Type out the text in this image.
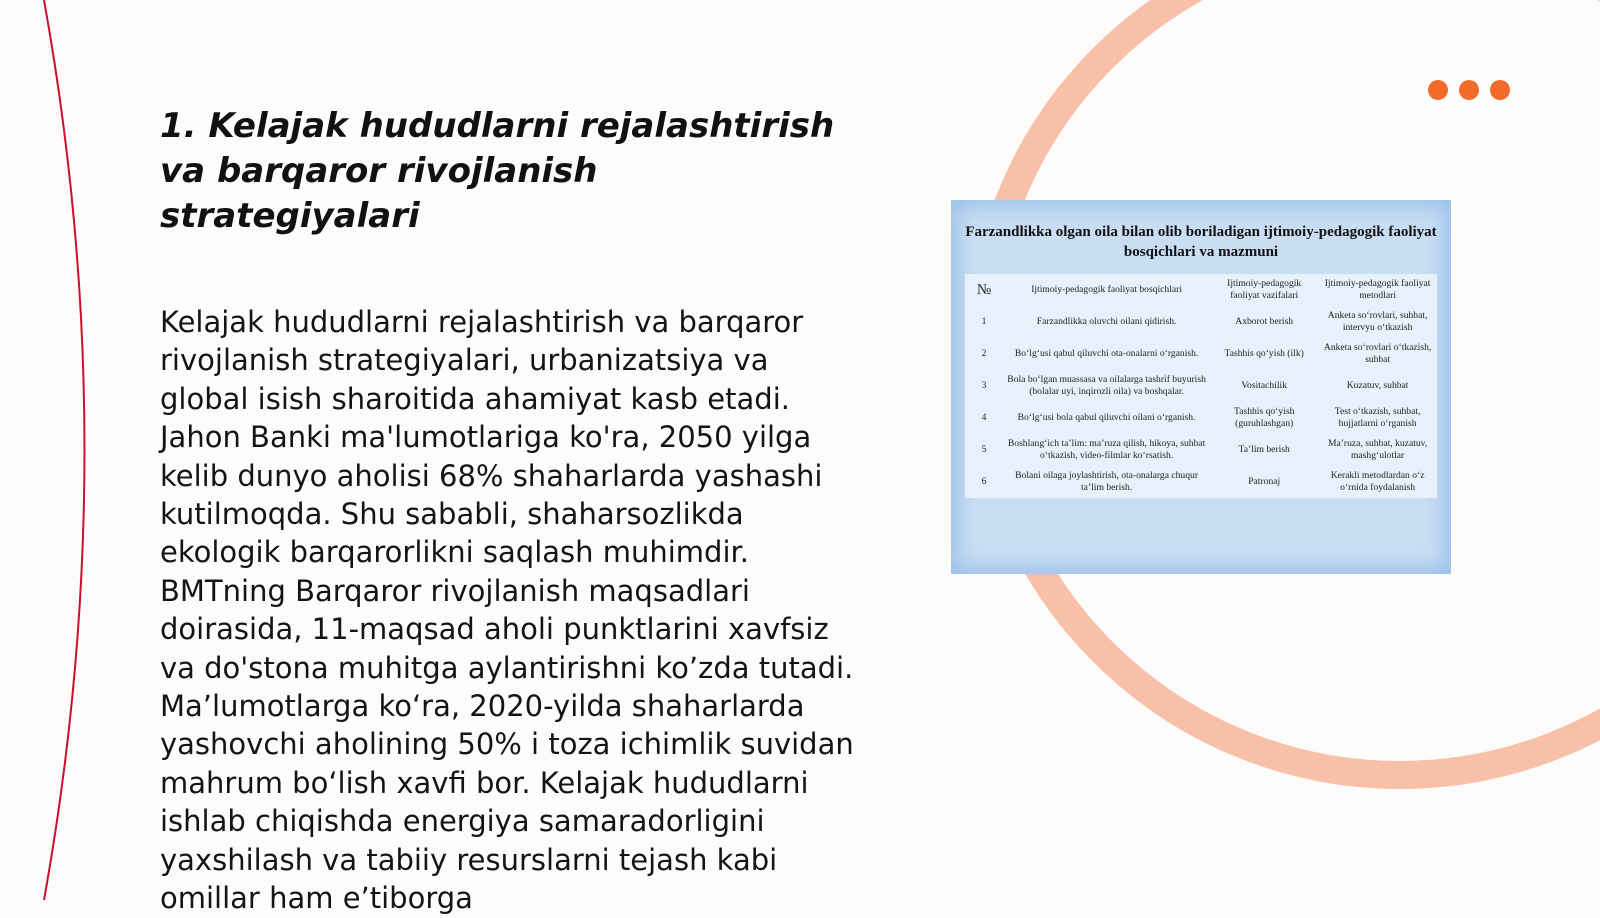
1. Kelajak hududlarni rejalashtirish va barqaror rivojlanish strategiyalari

Kelajak hududlarni rejalashtirish va barqaror rivojlanish strategiyalari, urbanizatsiya va global isish sharoitida ahamiyat kasb etadi. Jahon Banki ma'lumotlariga ko'ra, 2050 yilga kelib dunyo aholisi 68% shaharlarda yashashi kutilmoqda. Shu sababli, shaharsozlikda ekologik barqarorlikni saqlash muhimdir. BMTning Barqaror rivojlanish maqsadlari doirasida, 11-maqsad aholi punktlarini xavfsiz va do'stona muhitga aylantirishni ko’zda tutadi. Ma’lumotlarga ko‘ra, 2020-yilda shaharlarda yashovchi aholining 50% i toza ichimlik suvidan mahrum bo‘lish xavfi bor. Kelajak hududlarni ishlab chiqishda energiya samaradorligini yaxshilash va tabiiy resurslarni tejash kabi omillar ham e’tiborga

Farzandlikka olgan oila bilan olib boriladigan ijtimoiy-pedagogik faoliyat bosqichlari va mazmuni
№	Ijtimoiy-pedagogik faoliyat bosqichlari	Ijtimoiy-pedagogik faoliyat vazifalari	Ijtimoiy-pedagogik faoliyat metodlari
1	Farzandlikka oluvchi oilani qidirish.	Axborot berish	Anketa so‘rovlari, suhbat, intervyu o‘tkazish
2	Bo‘lg‘usi qabul qiluvchi ota-onalarni o‘rganish.	Tashhis qo‘yish (ilk)	Anketa so‘rovlari o‘tkazish, suhbat
3	Bola bo‘lgan muassasa va oilalarga tashrif buyurish (bolalar uyi, inqirozli oila) va boshqalar.	Vositachilik	Kuzatuv, suhbat
4	Bo‘lg‘usi bola qabul qiluvchi oilani o‘rganish.	Tashhis qo‘yish (guruhlashgan)	Test o‘tkazish, suhbat, hujjatlarni o‘rganish
5	Boshlang‘ich ta’lim: ma’ruza qilish, hikoya, suhbat o‘tkazish, video-filmlar ko‘rsatish.	Ta’lim berish	Ma’ruza, suhbat, kuzatuv, mashg‘ulotlar
6	Bolani oilaga joylashtirish, ota-onalarga chuqur ta’lim berish.	Patronaj	Kerakli metodlardan o‘z o‘rnida foydalanish
